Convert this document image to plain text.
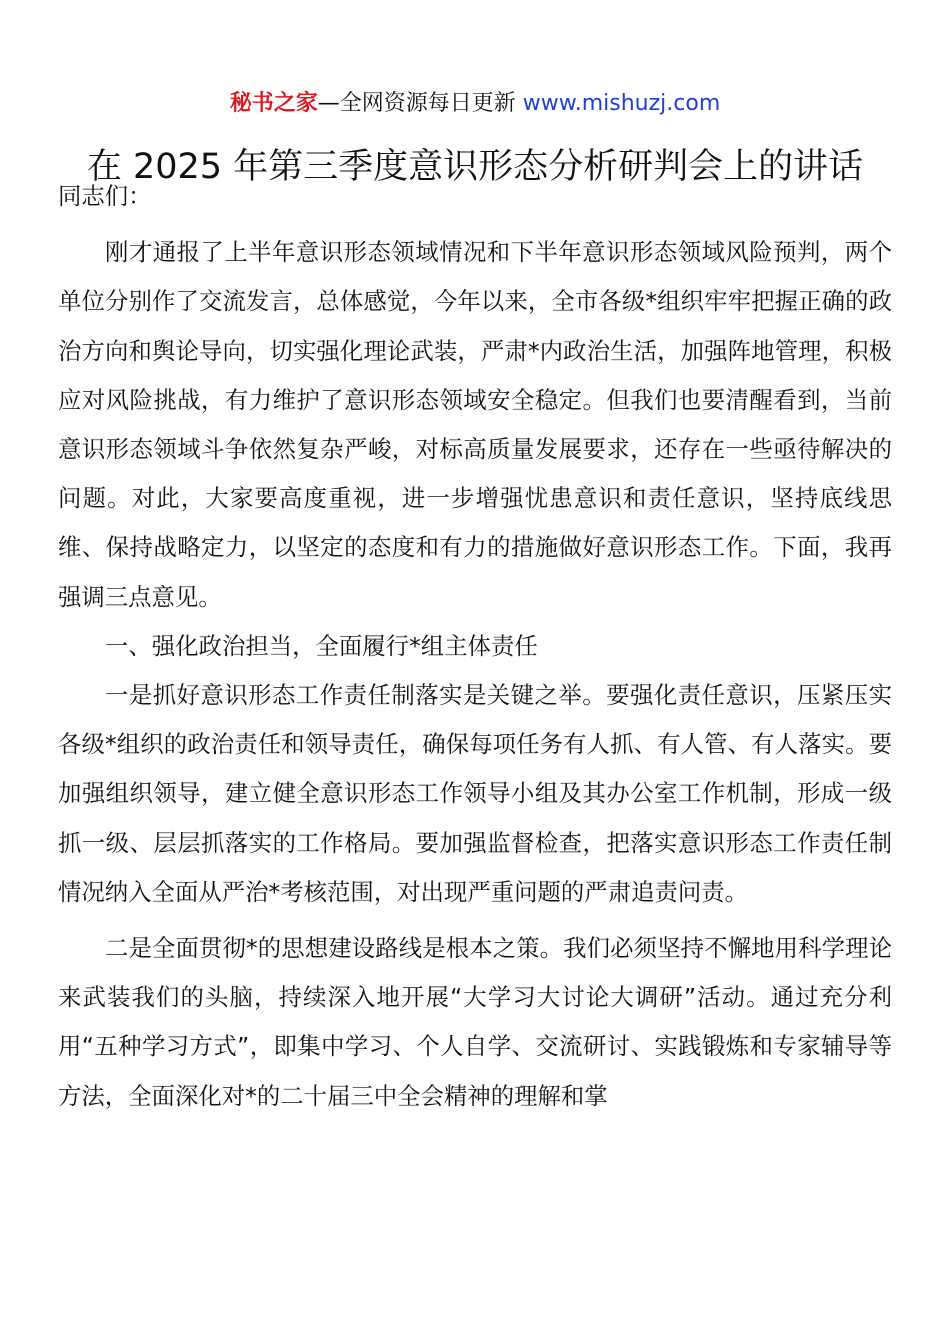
秘书之家—全网资源每日更新 www.mishuzj.com
在 2025 年第三季度意识形态分析研判会上的讲话

同志们：

刚才通报了上半年意识形态领域情况和下半年意识形态领域风险预判，两个单位分别作了交流发言，总体感觉，今年以来，全市各级*组织牢牢把握正确的政治方向和舆论导向，切实强化理论武装，严肃*内政治生活，加强阵地管理，积极应对风险挑战，有力维护了意识形态领域安全稳定。但我们也要清醒看到，当前意识形态领域斗争依然复杂严峻，对标高质量发展要求，还存在一些亟待解决的问题。对此，大家要高度重视，进一步增强忧患意识和责任意识，坚持底线思维、保持战略定力，以坚定的态度和有力的措施做好意识形态工作。下面，我再强调三点意见。

一、强化政治担当，全面履行*组主体责任

一是抓好意识形态工作责任制落实是关键之举。要强化责任意识，压紧压实各级*组织的政治责任和领导责任，确保每项任务有人抓、有人管、有人落实。要加强组织领导，建立健全意识形态工作领导小组及其办公室工作机制，形成一级抓一级、层层抓落实的工作格局。要加强监督检查，把落实意识形态工作责任制情况纳入全面从严治*考核范围，对出现严重问题的严肃追责问责。

二是全面贯彻*的思想建设路线是根本之策。我们必须坚持不懈地用科学理论来武装我们的头脑，持续深入地开展“大学习大讨论大调研”活动。通过充分利用“五种学习方式”，即集中学习、个人自学、交流研讨、实践锻炼和专家辅导等方法，全面深化对*的二十届三中全会精神的理解和掌
